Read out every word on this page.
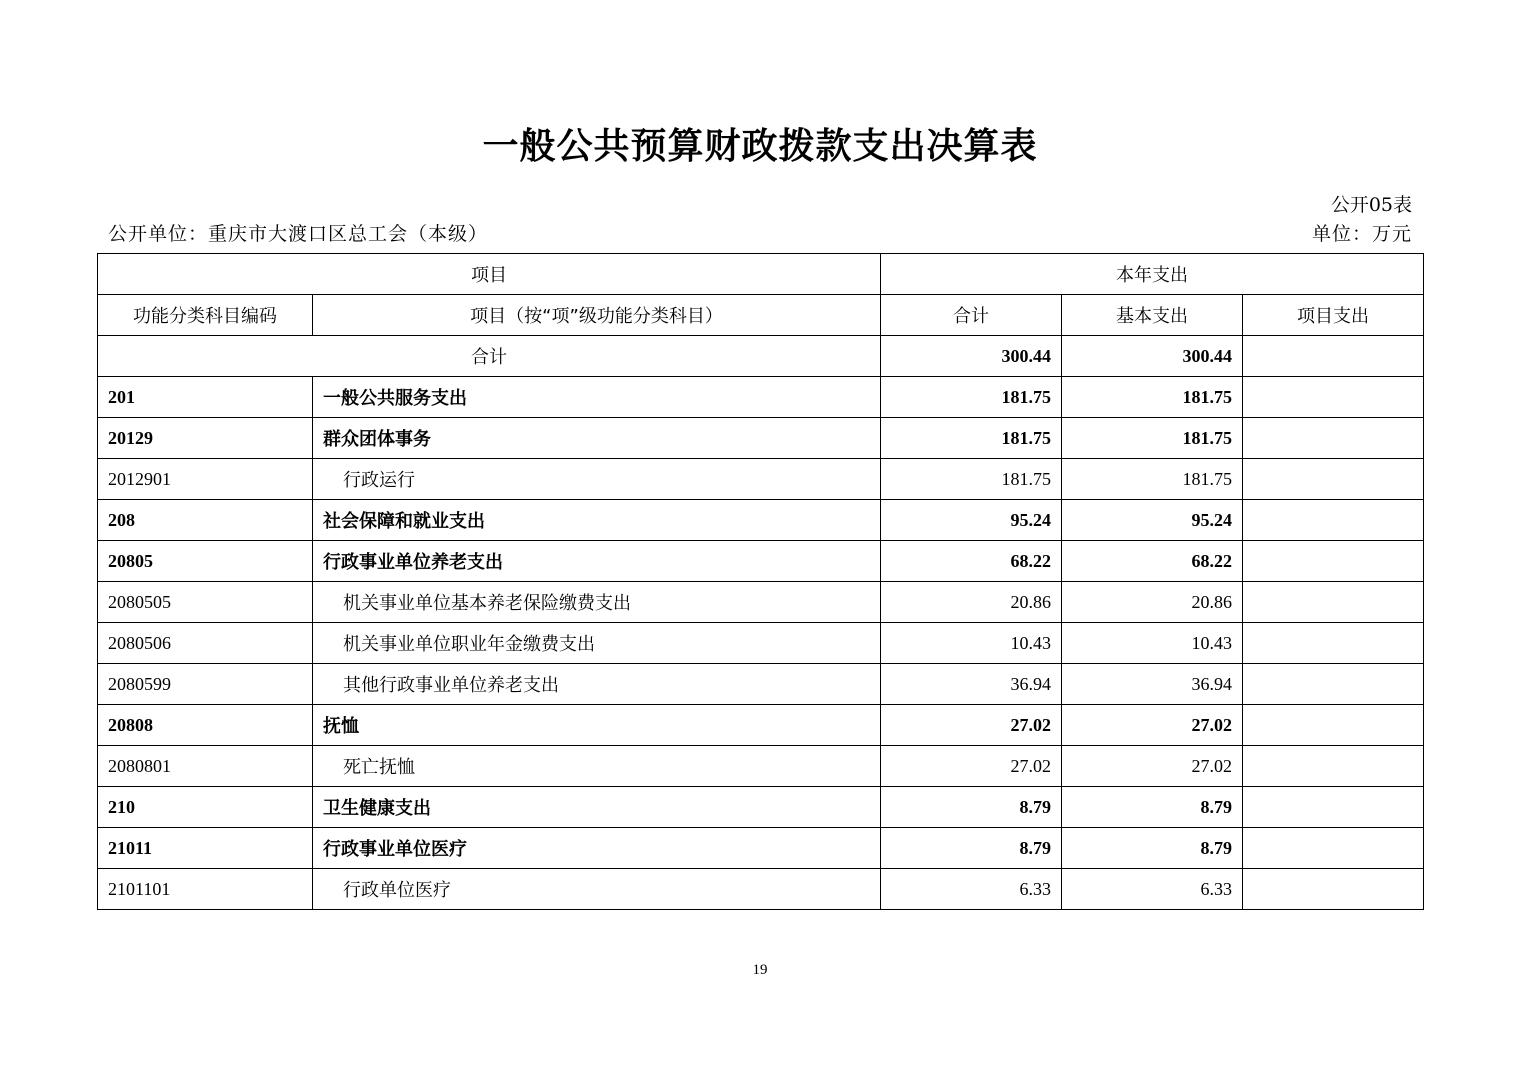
一般公共预算财政拨款支出决算表
公开05表
公开单位：重庆市大渡口区总工会（本级）	单位：万元
项目		本年支出		
功能分类科目编码	项目（按“项”级功能分类科目）	合计	基本支出	项目支出
合计		300.44	300.44	
201	一般公共服务支出	181.75	181.75	
20129	群众团体事务	181.75	181.75	
2012901	行政运行	181.75	181.75	
208	社会保障和就业支出	95.24	95.24	
20805	行政事业单位养老支出	68.22	68.22	
2080505	机关事业单位基本养老保险缴费支出	20.86	20.86	
2080506	机关事业单位职业年金缴费支出	10.43	10.43	
2080599	其他行政事业单位养老支出	36.94	36.94	
20808	抚恤	27.02	27.02	
2080801	死亡抚恤	27.02	27.02	
210	卫生健康支出	8.79	8.79	
21011	行政事业单位医疗	8.79	8.79	
2101101	行政单位医疗	6.33	6.33	
19
